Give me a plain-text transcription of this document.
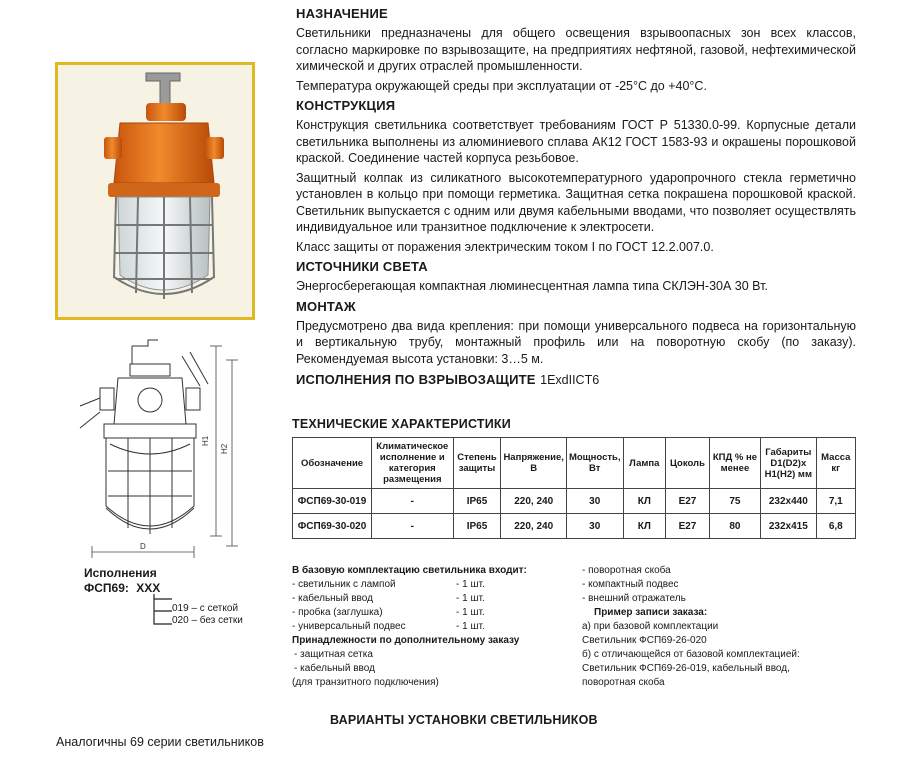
H1
H2
D
Исполнения
ФСП69: XXX
019 – с сеткой
020 – без сетки
НАЗНАЧЕНИЕ
Светильники предназначены для общего освещения взрывоопасных зон всех классов, согласно маркировке по взрывозащите, на предприятиях нефтяной, газовой, нефтехимической химической и других отраслей промышленности.
Температура окружающей среды при эксплуатации от -25°С до +40°С.
КОНСТРУКЦИЯ
Конструкция светильника соответствует требованиям ГОСТ Р 51330.0-99. Корпусные детали светильника выполнены из алюминиевого сплава АК12 ГОСТ 1583-93 и окрашены порошковой краской. Соединение частей корпуса резьбовое.
Защитный колпак из силикатного высокотемпературного ударопрочного стекла герметично установлен в кольцо при помощи герметика. Защитная сетка покрашена порошковой краской. Светильник выпускается с одним или двумя кабельными вводами, что позволяет осуществлять индивидуальное или транзитное подключение к электросети.
Класс защиты от поражения электрическим током I по ГОСТ 12.2.007.0.
ИСТОЧНИКИ СВЕТА
Энергосберегающая компактная люминесцентная лампа типа СКЛЭН-30А 30 Вт.
МОНТАЖ
Предусмотрено два вида крепления: при помощи универсального подвеса на горизонтальную и вертикальную трубу, монтажный профиль или на поворотную скобу (по заказу). Рекомендуемая высота установки: 3…5 м.
ИСПОЛНЕНИЯ ПО ВЗРЫВОЗАЩИТЕ 1ExdIICT6
ТЕХНИЧЕСКИЕ ХАРАКТЕРИСТИКИ
Обозначение	Климатическое исполнение и категория размещения	Степень защиты	Напряжение, В	Мощность, Вт	Лампа	Цоколь	КПД % не менее	Габариты D1(D2)х H1(H2) мм	Масса кг
ФСП69-30-019	-	IP65	220, 240	30	КЛ	Е27	75	232х440	7,1
ФСП69-30-020	-	IP65	220, 240	30	КЛ	Е27	80	232х415	6,8
В базовую комплектацию светильника входит:
- светильник с лампой	- 1 шт.
- кабельный ввод	- 1 шт.
- пробка (заглушка)	- 1 шт.
- универсальный подвес	- 1 шт.
Принадлежности по дополнительному заказу
- защитная сетка
- кабельный ввод
(для транзитного подключения)
- поворотная скоба
- компактный подвес
- внешний отражатель
Пример записи заказа:
а) при базовой комплектации
Светильник ФСП69-26-020
б) с отличающейся от базовой комплектацией:
Светильник ФСП69-26-019, кабельный ввод,
поворотная скоба
ВАРИАНТЫ УСТАНОВКИ СВЕТИЛЬНИКОВ
Аналогичны 69 серии светильников
